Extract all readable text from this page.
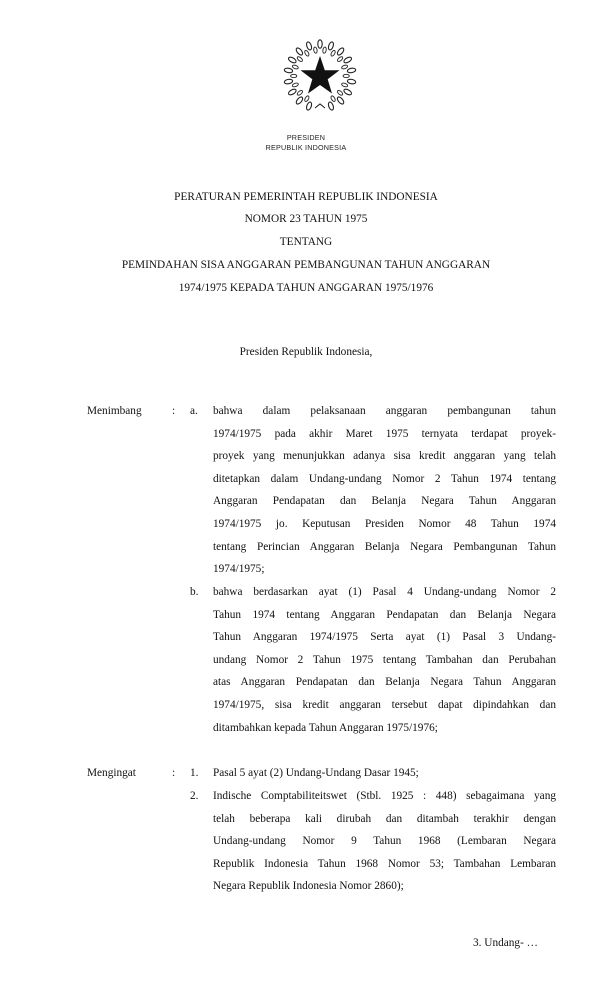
PRESIDEN
REPUBLIK INDONESIA
PERATURAN PEMERINTAH REPUBLIK INDONESIA
NOMOR 23 TAHUN 1975
TENTANG
PEMINDAHAN SISA ANGGARAN PEMBANGUNAN TAHUN ANGGARAN
1974/1975 KEPADA TAHUN ANGGARAN 1975/1976
Presiden Republik Indonesia,
Menimbang	: a. bahwa dalam pelaksanaan anggaran pembangunan tahun
1974/1975 pada akhir Maret 1975 ternyata terdapat proyek-
proyek yang menunjukkan adanya sisa kredit anggaran yang telah
ditetapkan dalam Undang-undang Nomor 2 Tahun 1974 tentang
Anggaran Pendapatan dan Belanja Negara Tahun Anggaran
1974/1975 jo. Keputusan Presiden Nomor 48 Tahun 1974
tentang Perincian Anggaran Belanja Negara Pembangunan Tahun
1974/1975;
b. bahwa berdasarkan ayat (1) Pasal 4 Undang-undang Nomor 2
Tahun 1974 tentang Anggaran Pendapatan dan Belanja Negara
Tahun Anggaran 1974/1975 Serta ayat (1) Pasal 3 Undang-
undang Nomor 2 Tahun 1975 tentang Tambahan dan Perubahan
atas Anggaran Pendapatan dan Belanja Negara Tahun Anggaran
1974/1975, sisa kredit anggaran tersebut dapat dipindahkan dan
ditambahkan kepada Tahun Anggaran 1975/1976;
Mengingat	: 1. Pasal 5 ayat (2) Undang-Undang Dasar 1945;
2. Indische Comptabiliteitswet (Stbl. 1925 : 448) sebagaimana yang
telah beberapa kali dirubah dan ditambah terakhir dengan
Undang-undang Nomor 9 Tahun 1968 (Lembaran Negara
Republik Indonesia Tahun 1968 Nomor 53; Tambahan Lembaran
Negara Republik Indonesia Nomor 2860);
3. Undang- …
